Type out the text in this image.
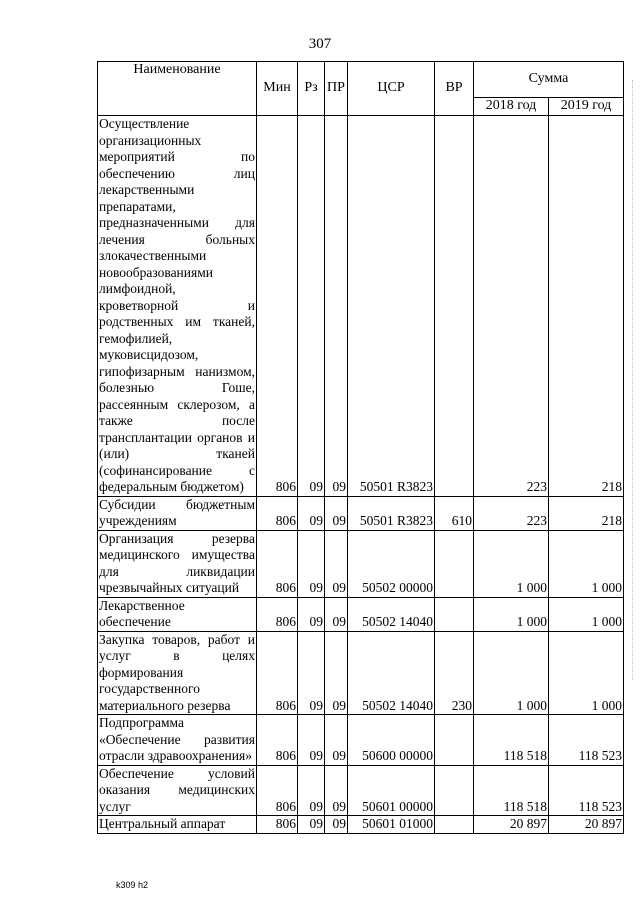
307
Наименование	Мин	Рз	ПР	ЦСР	ВР	Сумма	
						2018 год	2019 год
Осуществление организационных мероприятий по обеспечению лиц лекарственными препаратами, предназначенными для лечения больных злокачественными новообразованиями лимфоидной, кроветворной и родственных им тканей, гемофилией, муковисцидозом, гипофизарным нанизмом, болезнью Гоше, рассеянным склерозом, а также после трансплантации органов и (или) тканей (софинансирование с федеральным бюджетом)	806	09	09	50501 R3823		223	218
Субсидии бюджетным учреждениям	806	09	09	50501 R3823	610	223	218
Организация резерва медицинского имущества для ликвидации чрезвычайных ситуаций	806	09	09	50502 00000		1 000	1 000
Лекарственное обеспечение	806	09	09	50502 14040		1 000	1 000
Закупка товаров, работ и услуг в целях формирования государственного материального резерва	806	09	09	50502 14040	230	1 000	1 000
Подпрограмма «Обеспечение развития отрасли здравоохранения»	806	09	09	50600 00000		118 518	118 523
Обеспечение условий оказания медицинских услуг	806	09	09	50601 00000		118 518	118 523
Центральный аппарат	806	09	09	50601 01000		20 897	20 897
k309 h2
